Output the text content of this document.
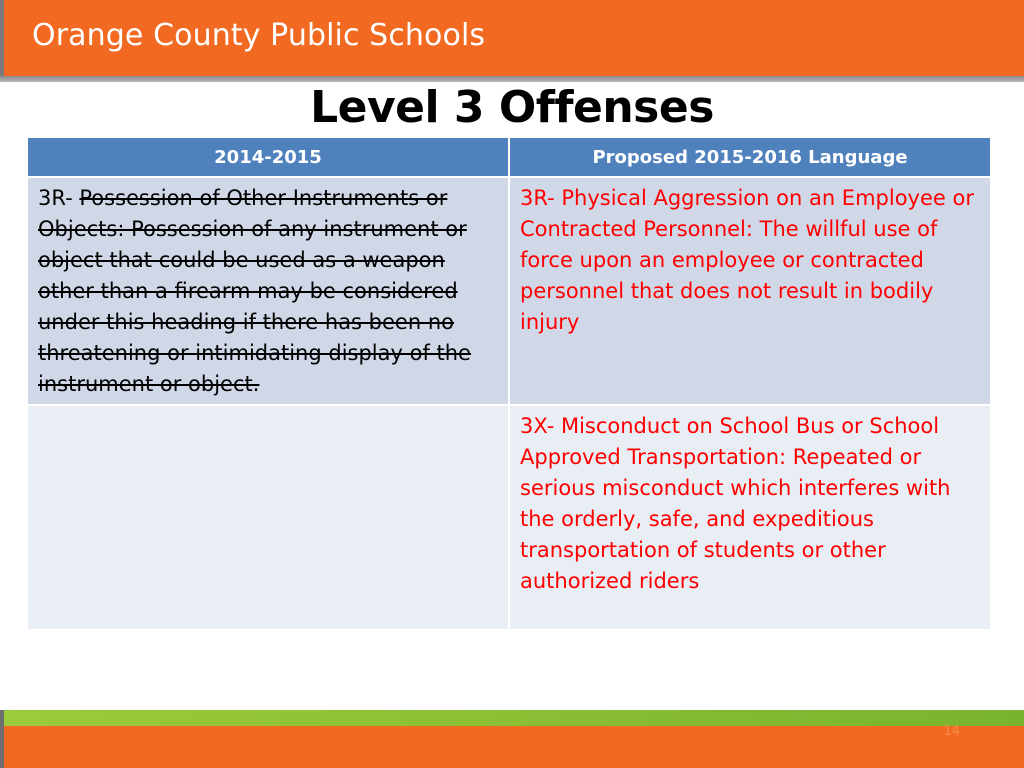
Orange County Public Schools
Level 3 Offenses
2014-2015	Proposed 2015-2016 Language
3R- Possession of Other Instruments or Objects: Possession of any instrument or object that could be used as a weapon other than a firearm may be considered under this heading if there has been no threatening or intimidating display of the instrument or object.	3R- Physical Aggression on an Employee or Contracted Personnel: The willful use of force upon an employee or contracted personnel that does not result in bodily injury
	3X- Misconduct on School Bus or School Approved Transportation: Repeated or serious misconduct which interferes with the orderly, safe, and expeditious transportation of students or other authorized riders
14
